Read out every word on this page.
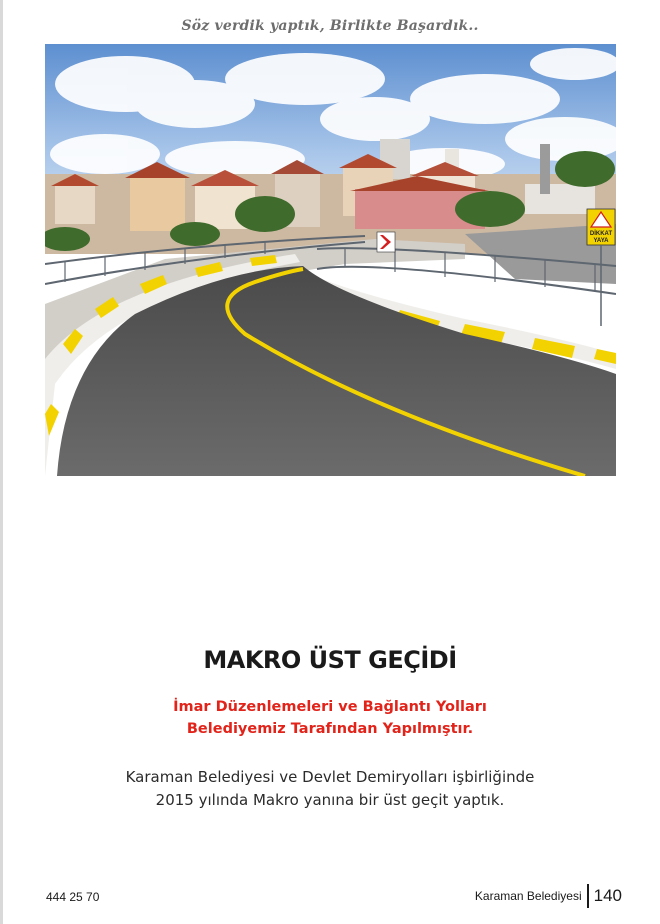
Söz verdik yaptık, Birlikte Başardık..
DİKKAT
YAYA
MAKRO ÜST GEÇİDİ
İmar Düzenlemeleri ve Bağlantı Yolları
Belediyemiz Tarafından Yapılmıştır.
Karaman Belediyesi ve Devlet Demiryolları işbirliğinde
2015 yılında Makro yanına bir üst geçit yaptık.
444 25 70	Karaman Belediyesi 140
